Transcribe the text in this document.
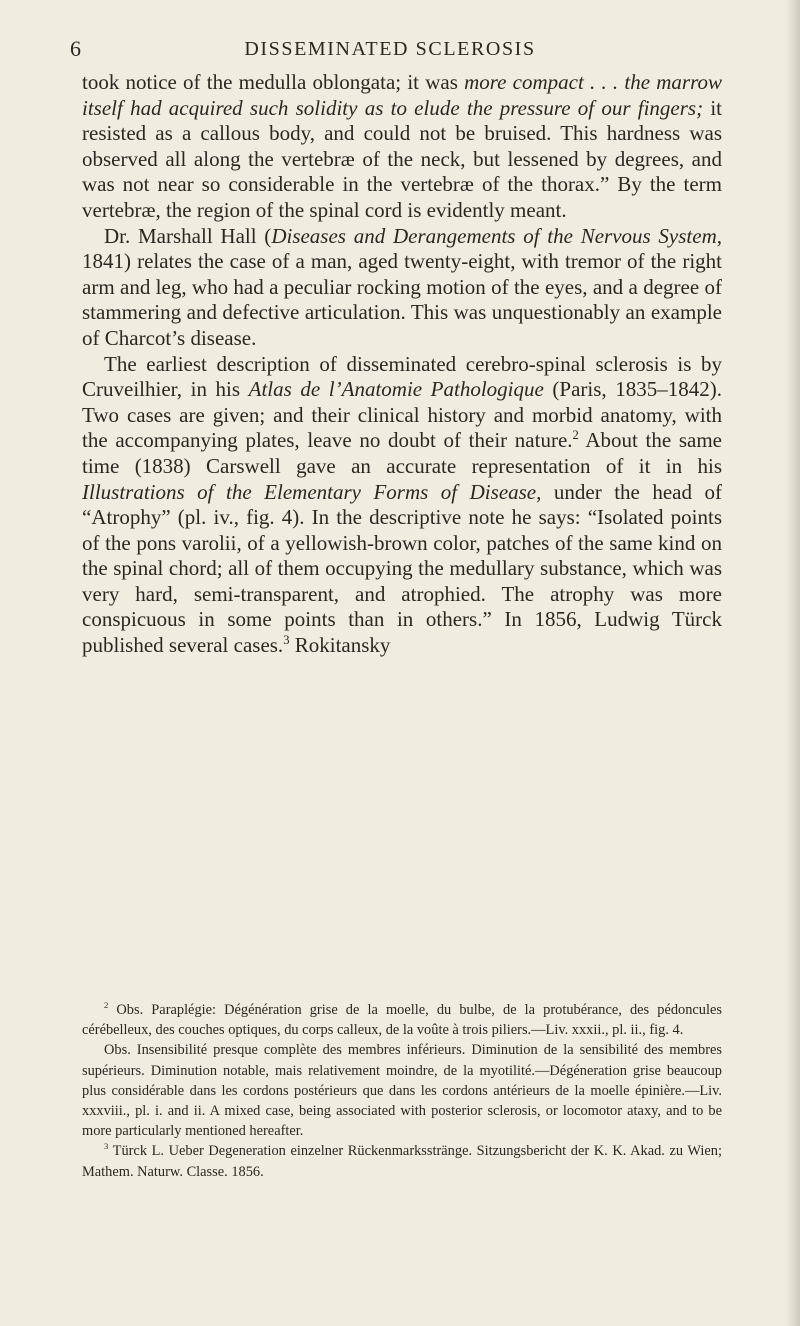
6	DISSEMINATED SCLEROSIS

took notice of the medulla oblongata; it was more compact . . . the marrow itself had acquired such solidity as to elude the pressure of our fingers; it resisted as a callous body, and could not be bruised. This hardness was observed all along the vertebræ of the neck, but lessened by degrees, and was not near so considerable in the vertebræ of the thorax.” By the term vertebræ, the region of the spinal cord is evidently meant.

Dr. Marshall Hall (Diseases and Derangements of the Nervous System, 1841) relates the case of a man, aged twenty-eight, with tremor of the right arm and leg, who had a peculiar rocking motion of the eyes, and a degree of stammering and defective articulation. This was unquestionably an example of Charcot’s disease.

The earliest description of disseminated cerebro-spinal sclerosis is by Cruveilhier, in his Atlas de l’Anatomie Pathologique (Paris, 1835–1842). Two cases are given; and their clinical history and morbid anatomy, with the accompanying plates, leave no doubt of their nature.$^2$ About the same time (1838) Carswell gave an accurate representation of it in his Illustrations of the Elementary Forms of Disease, under the head of “Atrophy” (pl. iv., fig. 4). In the descriptive note he says: “Isolated points of the pons varolii, of a yellowish-brown color, patches of the same kind on the spinal chord; all of them occupying the medullary substance, which was very hard, semi-transparent, and atrophied. The atrophy was more conspicuous in some points than in others.” In 1856, Ludwig Türck published several cases.$^3$ Rokitansky

$^2$ Obs. Paraplégie: Dégénération grise de la moelle, du bulbe, de la protubérance, des pédoncules cérébelleux, des couches optiques, du corps calleux, de la voûte à trois piliers.—Liv. xxxii., pl. ii., fig. 4.

Obs. Insensibilité presque complète des membres inférieurs. Diminution de la sensibilité des membres supérieurs. Diminution notable, mais relativement moindre, de la myotilité.—Dégéneration grise beaucoup plus considérable dans les cordons postérieurs que dans les cordons antérieurs de la moelle épinière.—Liv. xxxviii., pl. i. and ii. A mixed case, being associated with posterior sclerosis, or locomotor ataxy, and to be more particularly mentioned hereafter.

$^3$ Türck L. Ueber Degeneration einzelner Rückenmarksstränge. Sitzungsbericht der K. K. Akad. zu Wien; Mathem. Naturw. Classe. 1856.
